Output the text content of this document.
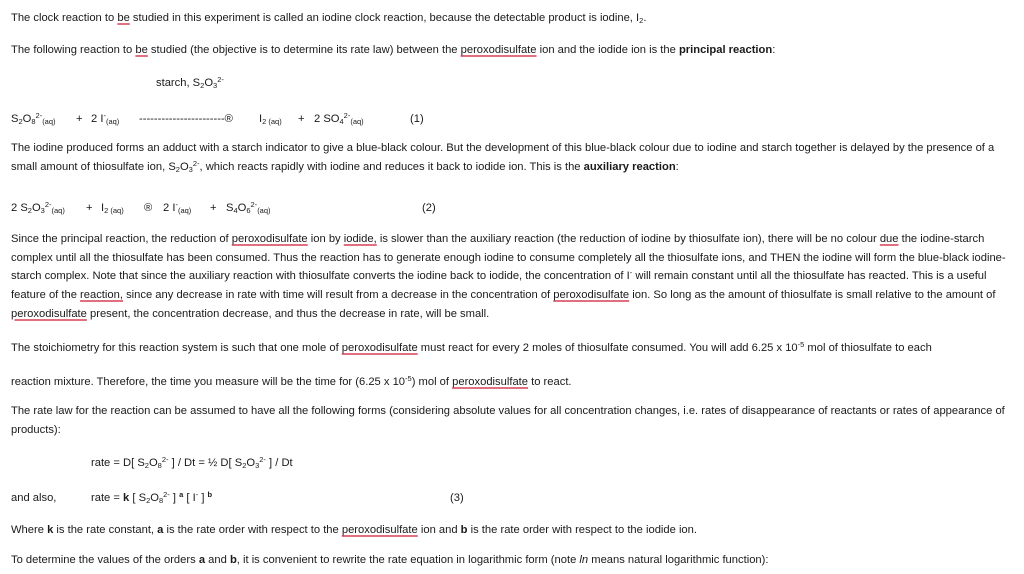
The clock reaction to be studied in this experiment is called an iodine clock reaction, because the detectable product is iodine, $I_2$.
The following reaction to be studied (the objective is to determine its rate law) between the peroxodisulfate ion and the iodide ion is the principal reaction:
starch, $S_2O_3^{2-}$
$S_2O_8^{2-}_{(aq)} + 2$ $I^-_{(aq)}$ -----------------------® $I_{2 (aq)} + 2$ $SO_4^{2-}_{(aq)}$	(1)
The iodine produced forms an adduct with a starch indicator to give a blue-black colour. But the development of this blue-black colour due to iodine and starch together is delayed by the presence of a small amount of thiosulfate ion, $S_2O_3^{2-}$, which reacts rapidly with iodine and reduces it back to iodide ion. This is the auxiliary reaction:
2 $S_2O_3^{2-}_{(aq)} + I_{2 (aq)}$ ® 2 $I^-_{(aq)} + S_4O_6^{2-}_{(aq)}$	(2)
Since the principal reaction, the reduction of peroxodisulfate ion by iodide, is slower than the auxiliary reaction (the reduction of iodine by thiosulfate ion), there will be no colour due the iodine-starch complex until all the thiosulfate has been consumed. Thus the reaction has to generate enough iodine to consume completely all the thiosulfate ions, and THEN the iodine will form the blue-black iodine-starch complex. Note that since the auxiliary reaction with thiosulfate converts the iodine back to iodide, the concentration of I- will remain constant until all the thiosulfate has reacted. This is a useful feature of the reaction, since any decrease in rate with time will result from a decrease in the concentration of peroxodisulfate ion. So long as the amount of thiosulfate is small relative to the amount of peroxodisulfate present, the concentration decrease, and thus the decrease in rate, will be small.
The stoichiometry for this reaction system is such that one mole of peroxodisulfate must react for every 2 moles of thiosulfate consumed. You will add 6.25 x $10^{-5}$ mol of thiosulfate to each
reaction mixture. Therefore, the time you measure will be the time for (6.25 x $10^{-5}$) mol of peroxodisulfate to react.
The rate law for the reaction can be assumed to have all the following forms (considering absolute values for all concentration changes, i.e. rates of disappearance of reactants or rates of appearance of products):
rate = D[ $S_2O_8^{2-}$ ] / Dt = ½ D[ $S_2O_3^{2-}$ ] / Dt
and also,	rate = k [ $S_2O_8^{2-}$ ] $^a$ [ I- ] $^b$	(3)
Where k is the rate constant, a is the rate order with respect to the peroxodisulfate ion and b is the rate order with respect to the iodide ion.
To determine the values of the orders a and b, it is convenient to rewrite the rate equation in logarithmic form (note ln means natural logarithmic function):
